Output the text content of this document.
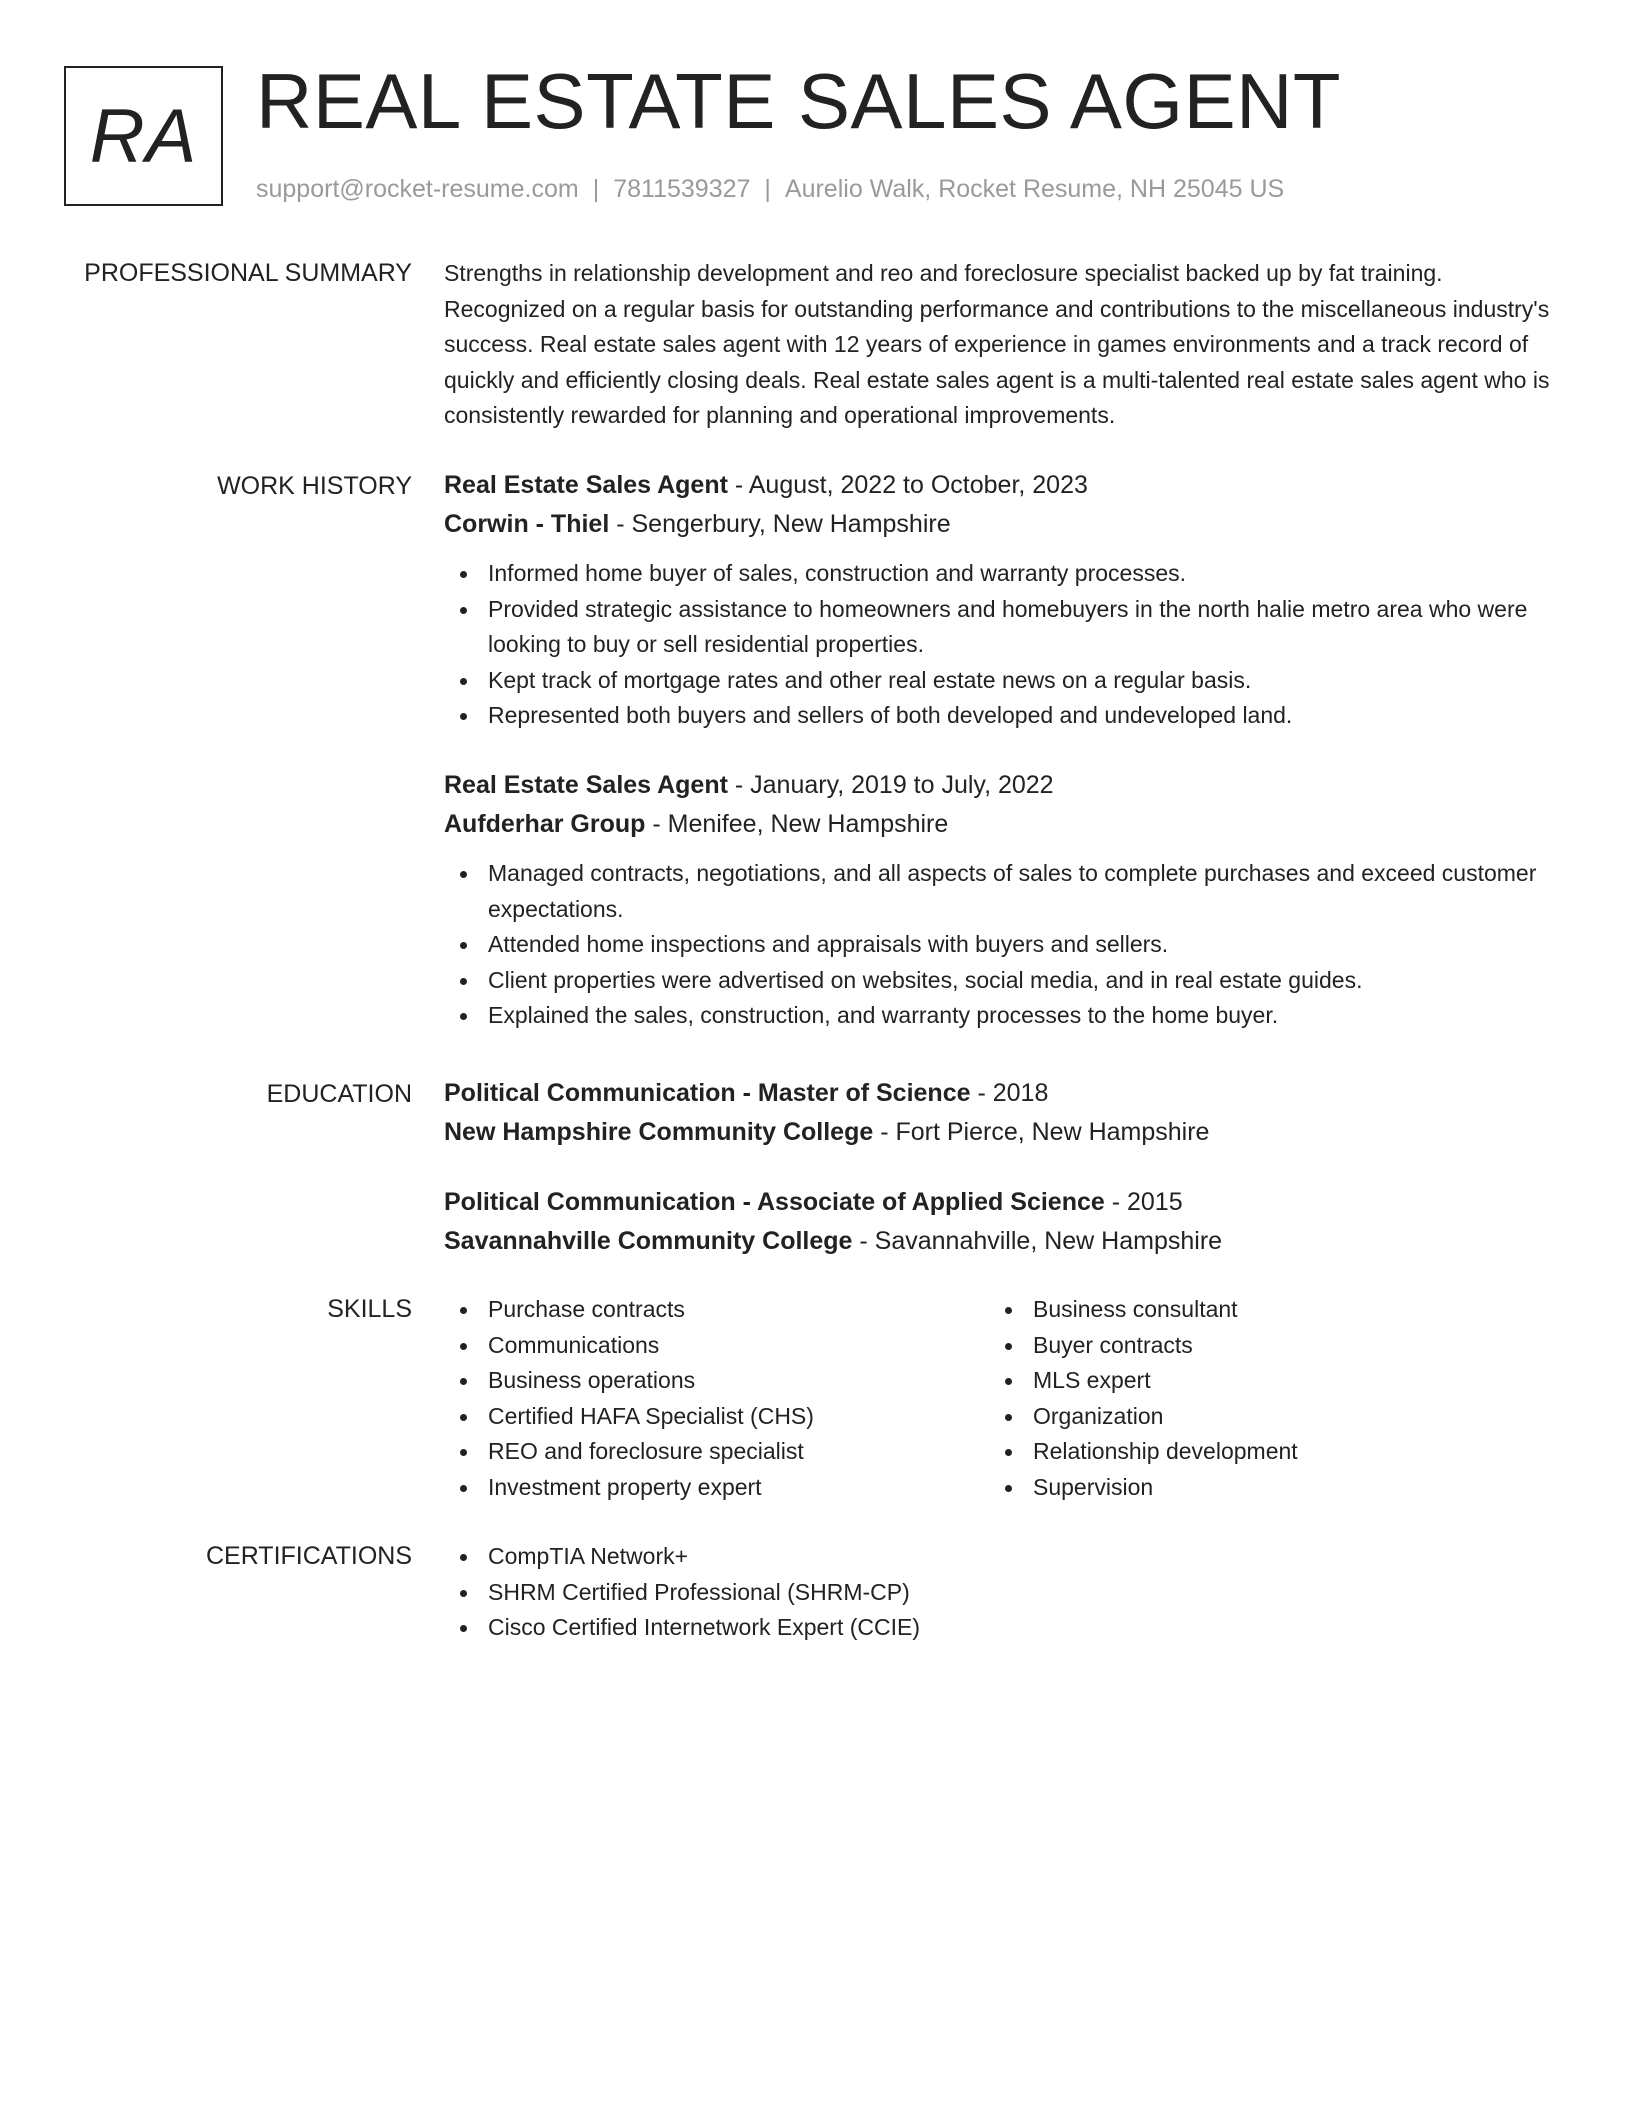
RA REAL ESTATE SALES AGENT
support@rocket-resume.com | 7811539327 | Aurelio Walk, Rocket Resume, NH 25045 US
PROFESSIONAL SUMMARY Strengths in relationship development and reo and foreclosure specialist backed up by fat training. Recognized on a regular basis for outstanding performance and contributions to the miscellaneous industry's success. Real estate sales agent with 12 years of experience in games environments and a track record of quickly and efficiently closing deals. Real estate sales agent is a multi-talented real estate sales agent who is consistently rewarded for planning and operational improvements.

WORK HISTORY Real Estate Sales Agent - August, 2022 to October, 2023
Corwin - Thiel - Sengerbury, New Hampshire
Informed home buyer of sales, construction and warranty processes.
Provided strategic assistance to homeowners and homebuyers in the north halie metro area who were looking to buy or sell residential properties.
Kept track of mortgage rates and other real estate news on a regular basis.
Represented both buyers and sellers of both developed and undeveloped land.
Real Estate Sales Agent - January, 2019 to July, 2022
Aufderhar Group - Menifee, New Hampshire
Managed contracts, negotiations, and all aspects of sales to complete purchases and exceed customer expectations.
Attended home inspections and appraisals with buyers and sellers.
Client properties were advertised on websites, social media, and in real estate guides.
Explained the sales, construction, and warranty processes to the home buyer.
EDUCATION Political Communication - Master of Science - 2018
New Hampshire Community College - Fort Pierce, New Hampshire
Political Communication - Associate of Applied Science - 2015
Savannahville Community College - Savannahville, New Hampshire
SKILLS	Purchase contracts
Communications
Business operations
Certified HAFA Specialist (CHS)
REO and foreclosure specialist
Investment property expert
Business consultant
Buyer contracts
MLS expert
Organization
Relationship development
Supervision
CERTIFICATIONS	CompTIA Network+
SHRM Certified Professional (SHRM-CP)
Cisco Certified Internetwork Expert (CCIE)
